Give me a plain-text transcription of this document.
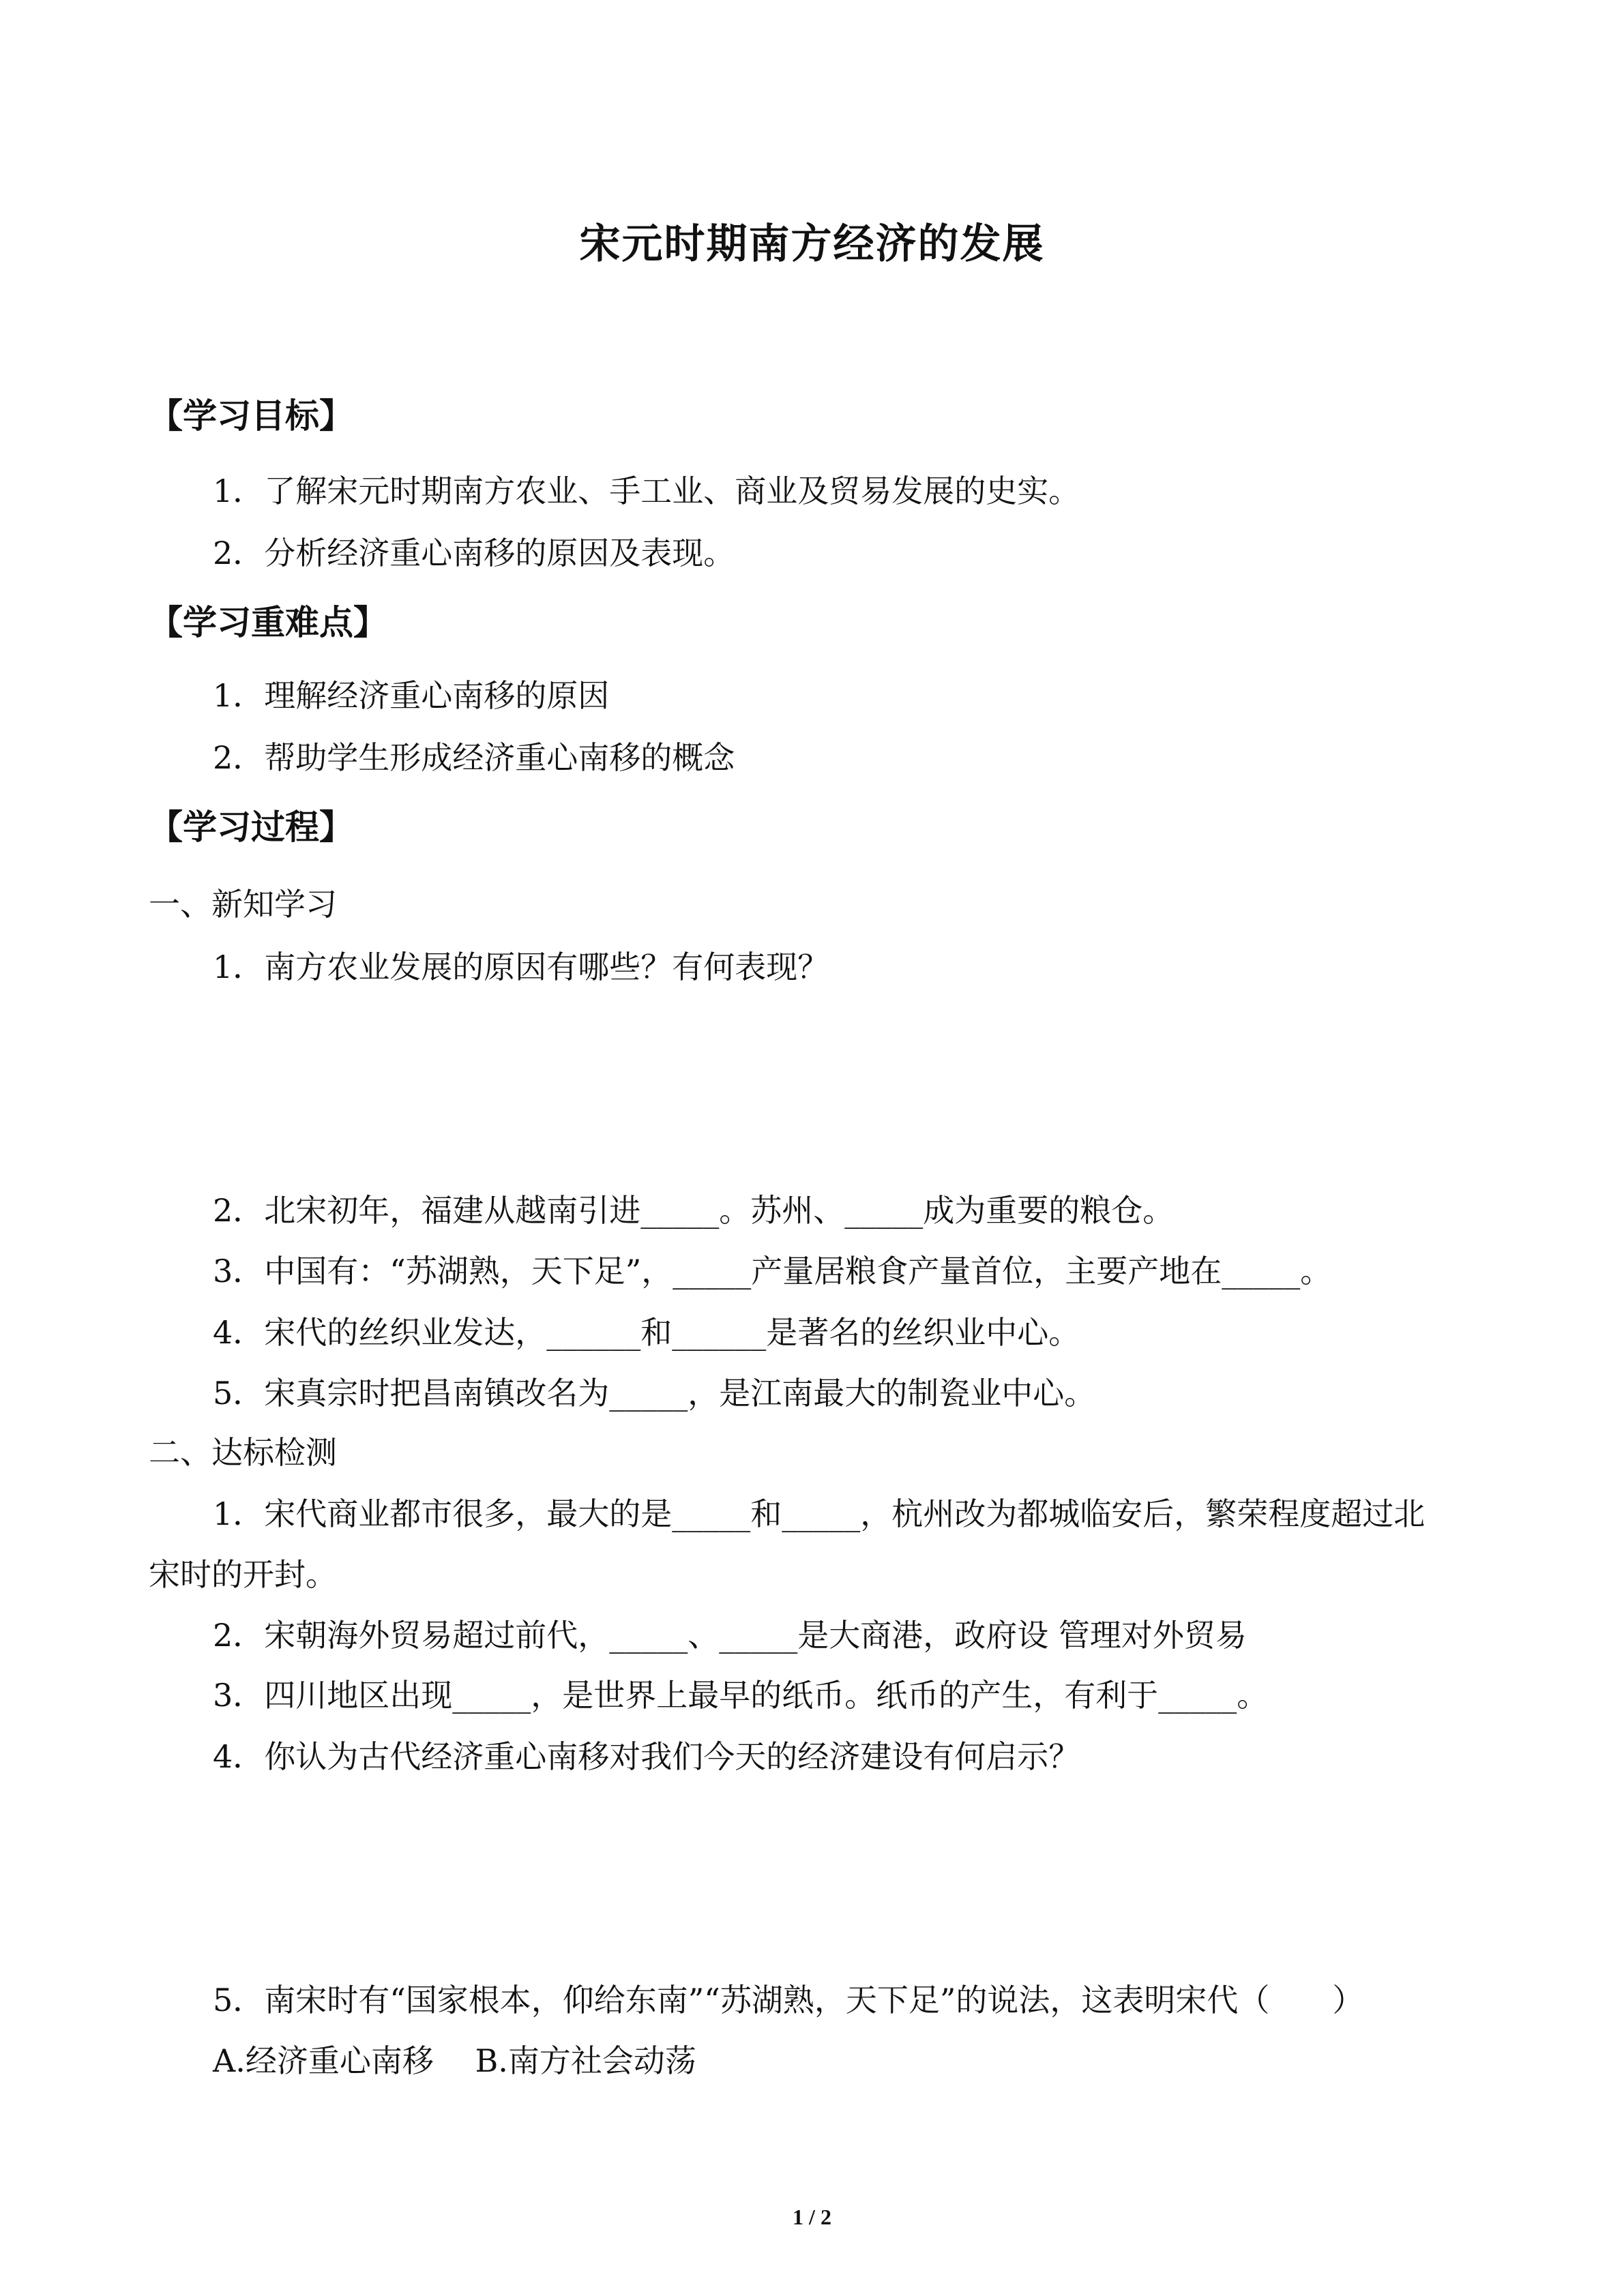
宋元时期南方经济的发展
【学习目标】
1．了解宋元时期南方农业、手工业、商业及贸易发展的史实。
2．分析经济重心南移的原因及表现。
【学习重难点】
1．理解经济重心南移的原因
2．帮助学生形成经济重心南移的概念
【学习过程】
一、新知学习
1．南方农业发展的原因有哪些？有何表现？
2．北宋初年，福建从越南引进_____。苏州、_____成为重要的粮仓。
3．中国有：“苏湖熟，天下足”，_____产量居粮食产量首位，主要产地在_____。
4．宋代的丝织业发达，______和______是著名的丝织业中心。
5．宋真宗时把昌南镇改名为_____，是江南最大的制瓷业中心。
二、达标检测
1．宋代商业都市很多，最大的是_____和_____，杭州改为都城临安后，繁荣程度超过北
宋时的开封。
2．宋朝海外贸易超过前代，_____、_____是大商港，政府设 管理对外贸易
3．四川地区出现_____，是世界上最早的纸币。纸币的产生，有利于_____。
4．你认为古代经济重心南移对我们今天的经济建设有何启示？
5．南宋时有“国家根本，仰给东南”“苏湖熟，天下足”的说法，这表明宋代（　　）
A.经济重心南移　 B.南方社会动荡
1 / 2
